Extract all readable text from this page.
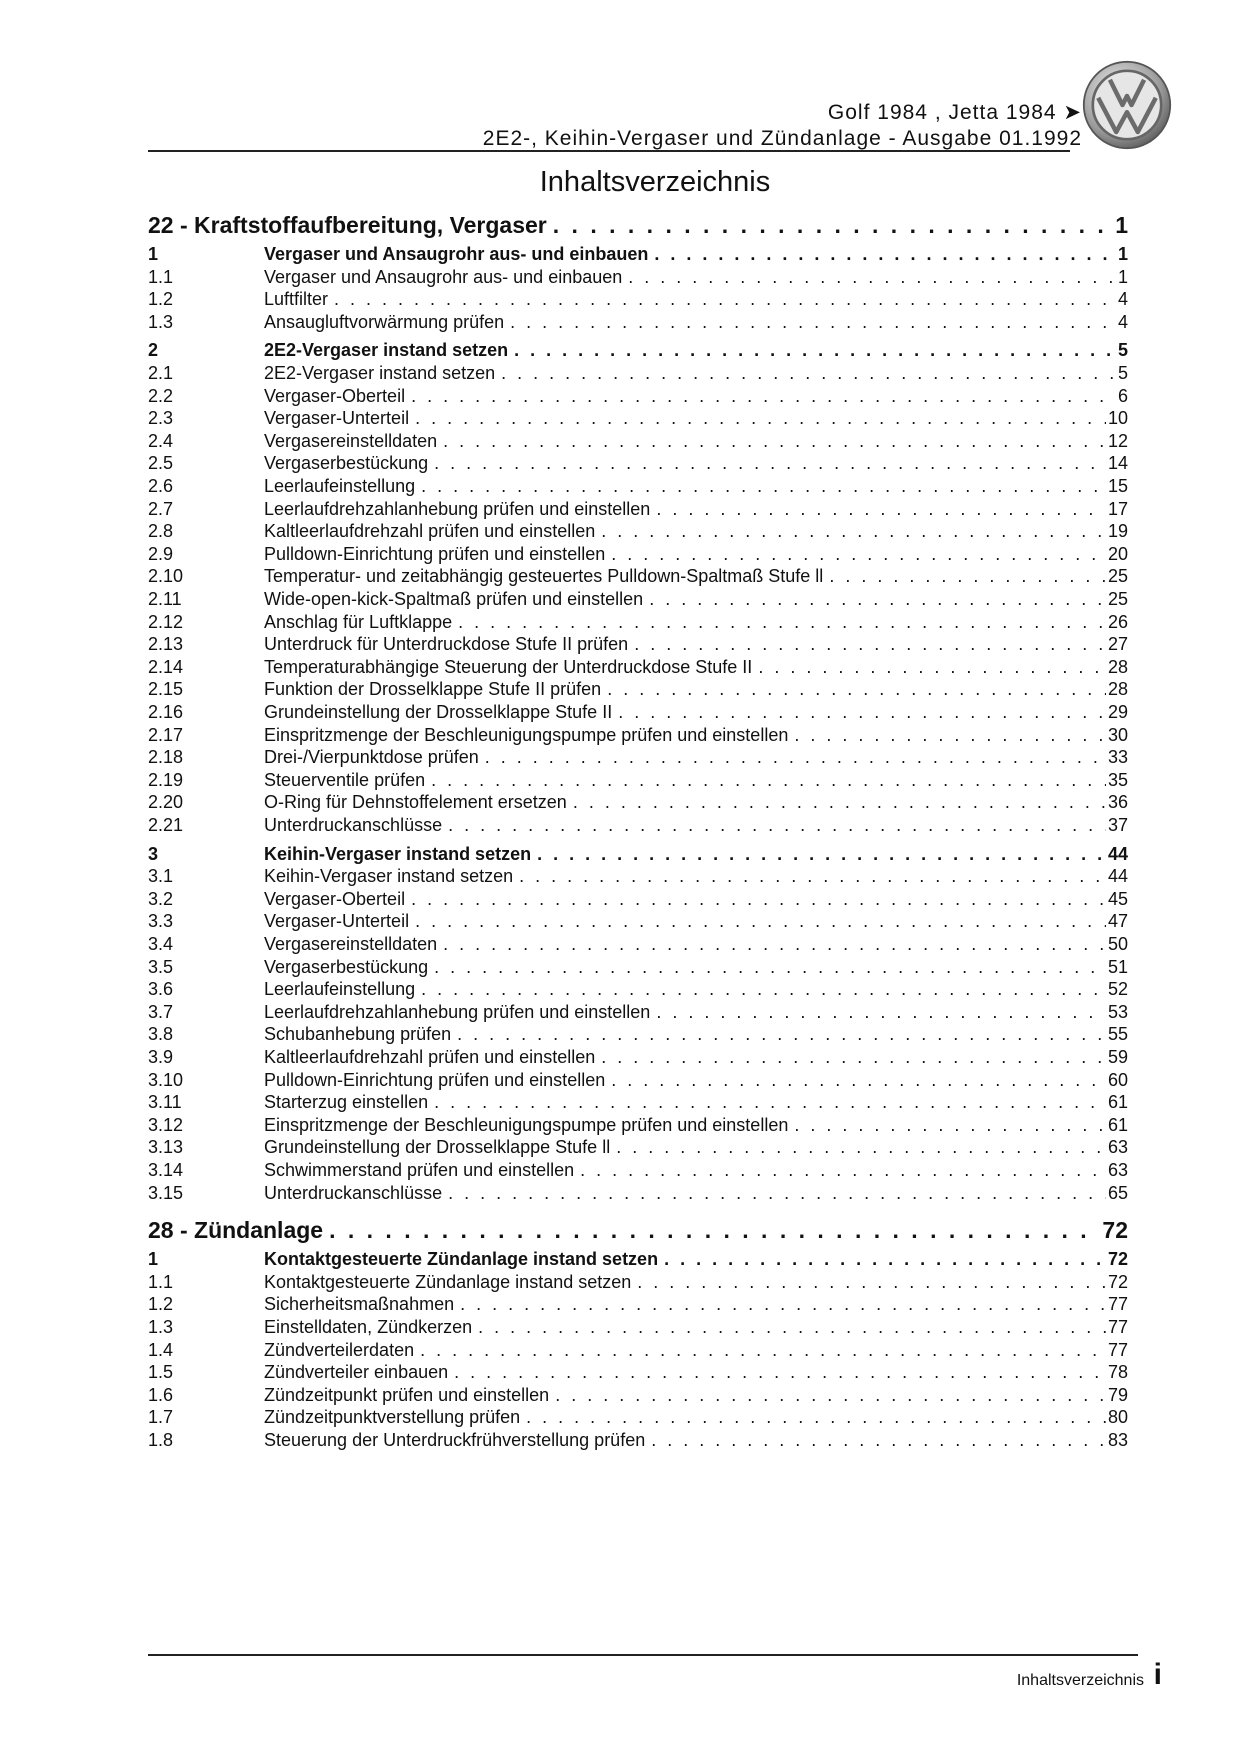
Golf 1984 , Jetta 1984 ➤
2E2-, Keihin-Vergaser und Zündanlage - Ausgabe 01.1992
Inhaltsverzeichnis
22 - Kraftstoffaufbereitung, Vergaser . . .	1
1	Vergaser und Ansaugrohr aus- und einbauen . . .	1
1.1	Vergaser und Ansaugrohr aus- und einbauen . . .	1
1.2	Luftfilter . . .	4
1.3	Ansaugluftvorwärmung prüfen . . .	4
2	2E2-Vergaser instand setzen . . .	5
2.1	2E2-Vergaser instand setzen . . .	5
2.2	Vergaser-Oberteil . . .	6
2.3	Vergaser-Unterteil . . .	10
2.4	Vergasereinstelldaten . . .	12
2.5	Vergaserbestückung . . .	14
2.6	Leerlaufeinstellung . . .	15
2.7	Leerlaufdrehzahlanhebung prüfen und einstellen . . .	17
2.8	Kaltleerlaufdrehzahl prüfen und einstellen . . .	19
2.9	Pulldown-Einrichtung prüfen und einstellen . . .	20
2.10	Temperatur- und zeitabhängig gesteuertes Pulldown-Spaltmaß Stufe ll . . .	25
2.11	Wide-open-kick-Spaltmaß prüfen und einstellen . . .	25
2.12	Anschlag für Luftklappe . . .	26
2.13	Unterdruck für Unterdruckdose Stufe II prüfen . . .	27
2.14	Temperaturabhängige Steuerung der Unterdruckdose Stufe II . . .	28
2.15	Funktion der Drosselklappe Stufe II prüfen . . .	28
2.16	Grundeinstellung der Drosselklappe Stufe II . . .	29
2.17	Einspritzmenge der Beschleunigungspumpe prüfen und einstellen . . .	30
2.18	Drei-/Vierpunktdose prüfen . . .	33
2.19	Steuerventile prüfen . . .	35
2.20	O-Ring für Dehnstoffelement ersetzen . . .	36
2.21	Unterdruckanschlüsse . . .	37
3	Keihin-Vergaser instand setzen . . .	44
3.1	Keihin-Vergaser instand setzen . . .	44
3.2	Vergaser-Oberteil . . .	45
3.3	Vergaser-Unterteil . . .	47
3.4	Vergasereinstelldaten . . .	50
3.5	Vergaserbestückung . . .	51
3.6	Leerlaufeinstellung . . .	52
3.7	Leerlaufdrehzahlanhebung prüfen und einstellen . . .	53
3.8	Schubanhebung prüfen . . .	55
3.9	Kaltleerlaufdrehzahl prüfen und einstellen . . .	59
3.10	Pulldown-Einrichtung prüfen und einstellen . . .	60
3.11	Starterzug einstellen . . .	61
3.12	Einspritzmenge der Beschleunigungspumpe prüfen und einstellen . . .	61
3.13	Grundeinstellung der Drosselklappe Stufe ll . . .	63
3.14	Schwimmerstand prüfen und einstellen . . .	63
3.15	Unterdruckanschlüsse . . .	65
28 - Zündanlage . . .	72
1	Kontaktgesteuerte Zündanlage instand setzen . . .	72
1.1	Kontaktgesteuerte Zündanlage instand setzen . . .	72
1.2	Sicherheitsmaßnahmen . . .	77
1.3	Einstelldaten, Zündkerzen . . .	77
1.4	Zündverteilerdaten . . .	77
1.5	Zündverteiler einbauen . . .	78
1.6	Zündzeitpunkt prüfen und einstellen . . .	79
1.7	Zündzeitpunktverstellung prüfen . . .	80
1.8	Steuerung der Unterdruckfrühverstellung prüfen . . .	83
Inhaltsverzeichnis i
